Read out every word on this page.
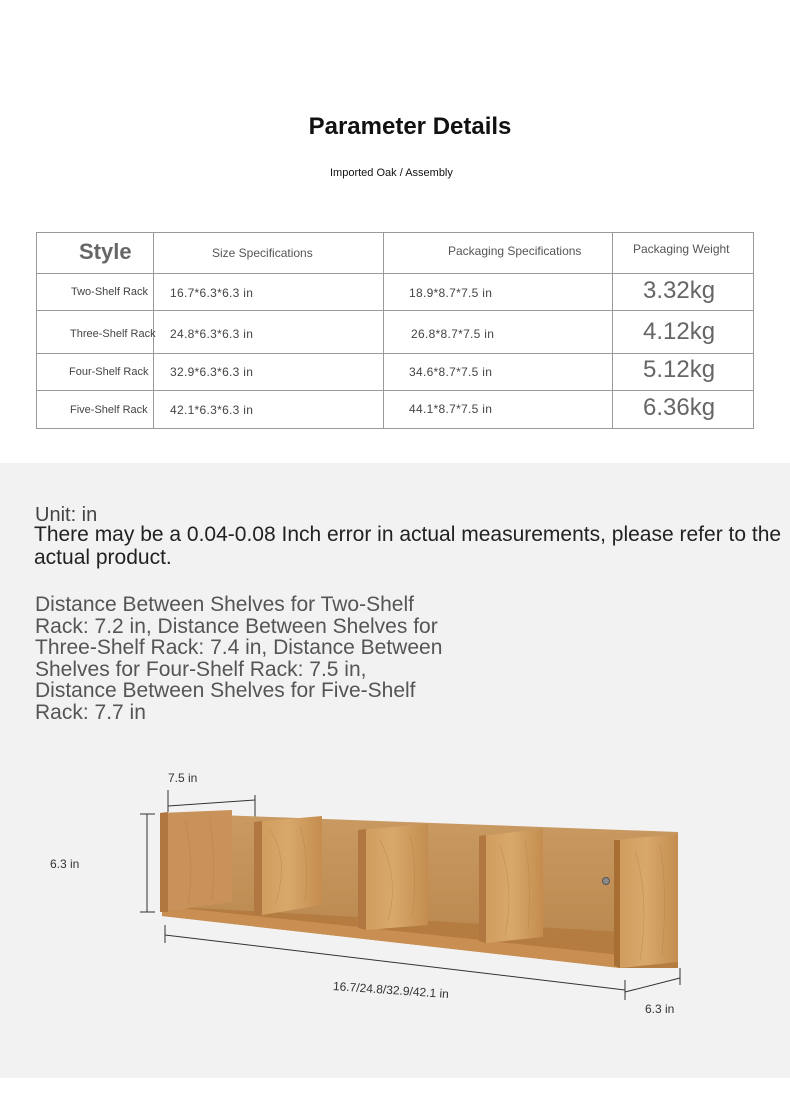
Parameter Details
Imported Oak / Assembly
Style	Size Specifications	Packaging Specifications	Packaging Weight
Two-Shelf Rack 16.7*6.3*6.3 in	18.9*8.7*7.5 in	3.32kg
Three-Shelf Rack 24.8*6.3*6.3 in	26.8*8.7*7.5 in	4.12kg
Four-Shelf Rack 32.9*6.3*6.3 in	34.6*8.7*7.5 in	5.12kg
Five-Shelf Rack 42.1*6.3*6.3 in	44.1*8.7*7.5 in	6.36kg
Unit: in
There may be a 0.04-0.08 Inch error in actual measurements, please refer to the actual product.
Distance Between Shelves for Two-Shelf Rack: 7.2 in, Distance Between Shelves for Three-Shelf Rack: 7.4 in, Distance Between Shelves for Four-Shelf Rack: 7.5 in, Distance Between Shelves for Five-Shelf Rack: 7.7 in
7.5 in
6.3 in
16.7/24.8/32.9/42.1 in
6.3 in
